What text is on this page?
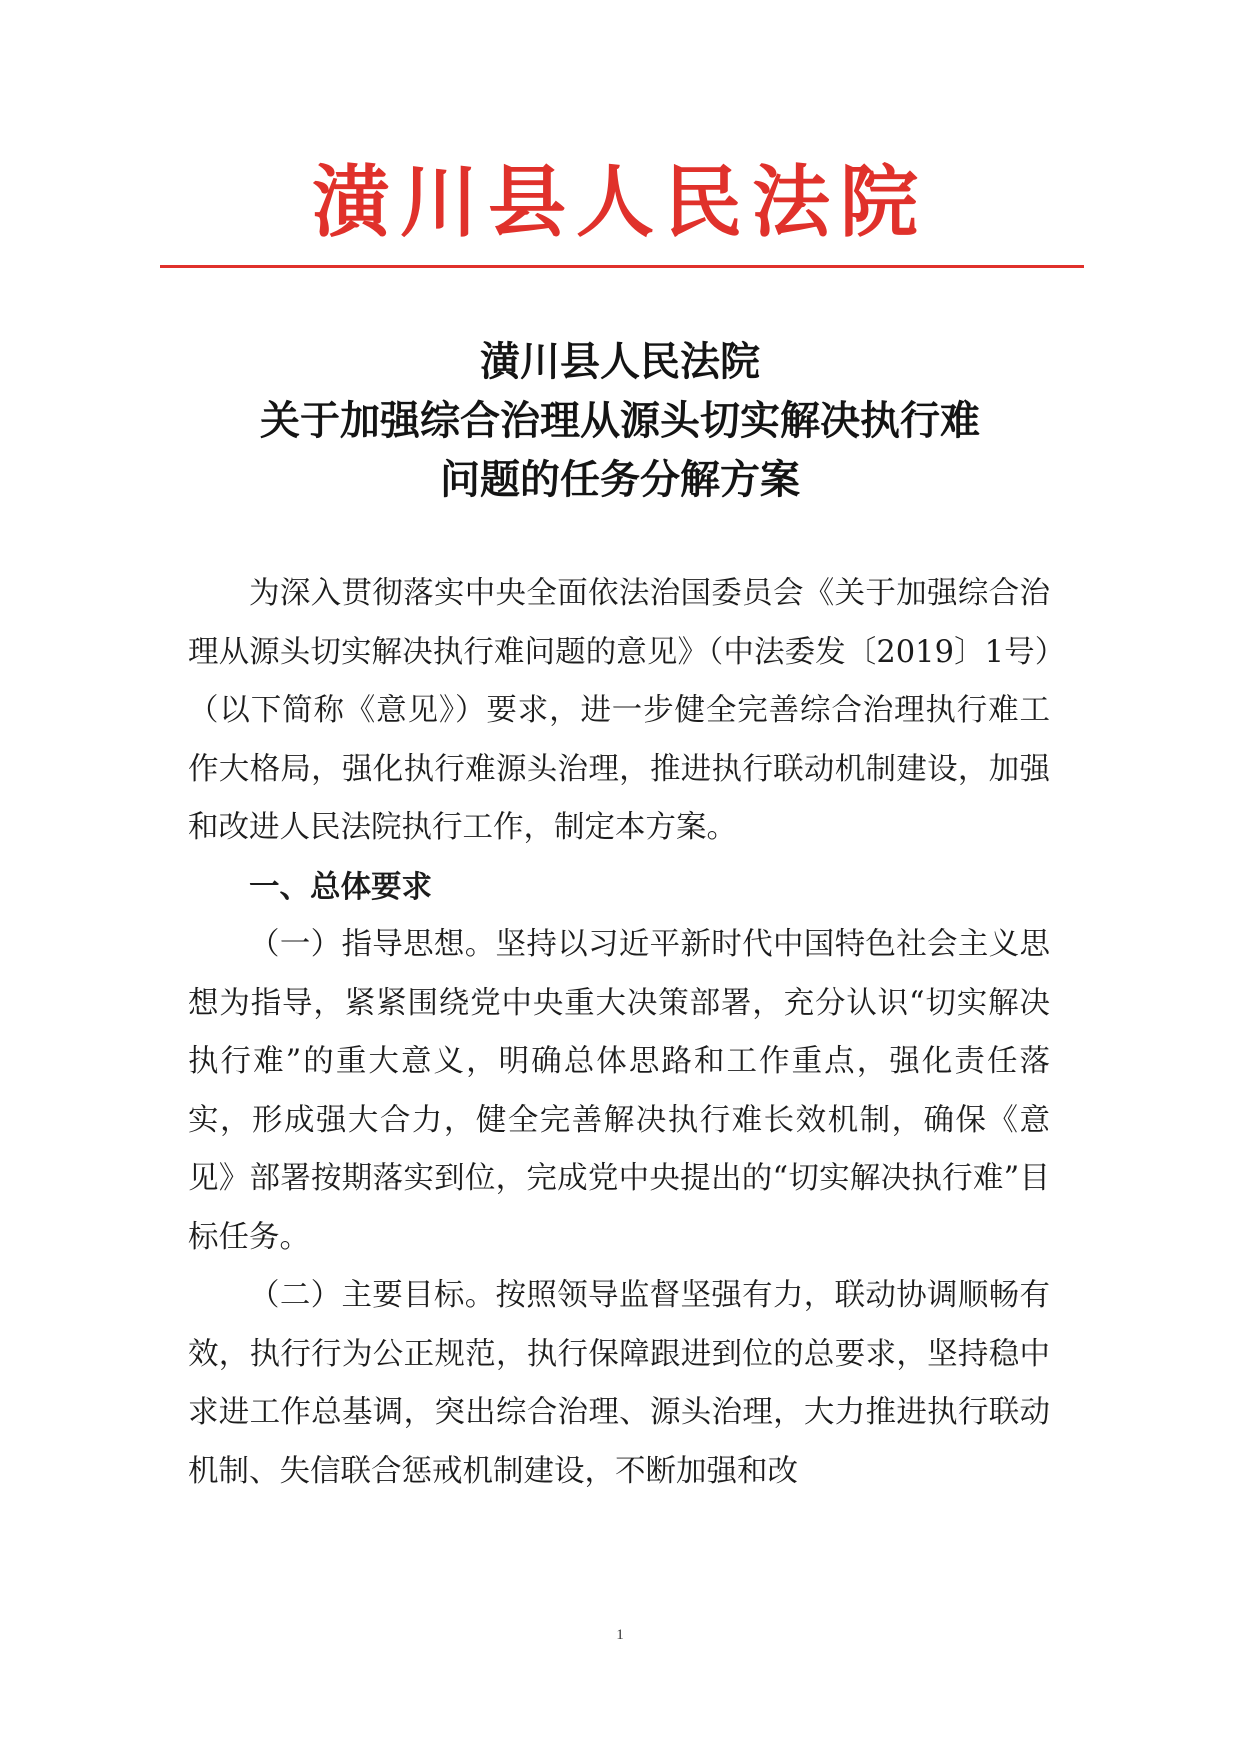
潢川县人民法院
潢川县人民法院
关于加强综合治理从源头切实解决执行难
问题的任务分解方案

为深入贯彻落实中央全面依法治国委员会《关于加强综合治理从源头切实解决执行难问题的意见》（中法委发〔2019〕1号）（以下简称《意见》）要求，进一步健全完善综合治理执行难工作大格局，强化执行难源头治理，推进执行联动机制建设，加强和改进人民法院执行工作，制定本方案。

一、总体要求

（一）指导思想。坚持以习近平新时代中国特色社会主义思想为指导，紧紧围绕党中央重大决策部署，充分认识“切实解决执行难”的重大意义，明确总体思路和工作重点，强化责任落实，形成强大合力，健全完善解决执行难长效机制，确保《意见》部署按期落实到位，完成党中央提出的“切实解决执行难”目标任务。

（二）主要目标。按照领导监督坚强有力，联动协调顺畅有效，执行行为公正规范，执行保障跟进到位的总要求，坚持稳中求进工作总基调，突出综合治理、源头治理，大力推进执行联动机制、失信联合惩戒机制建设，不断加强和改

1
